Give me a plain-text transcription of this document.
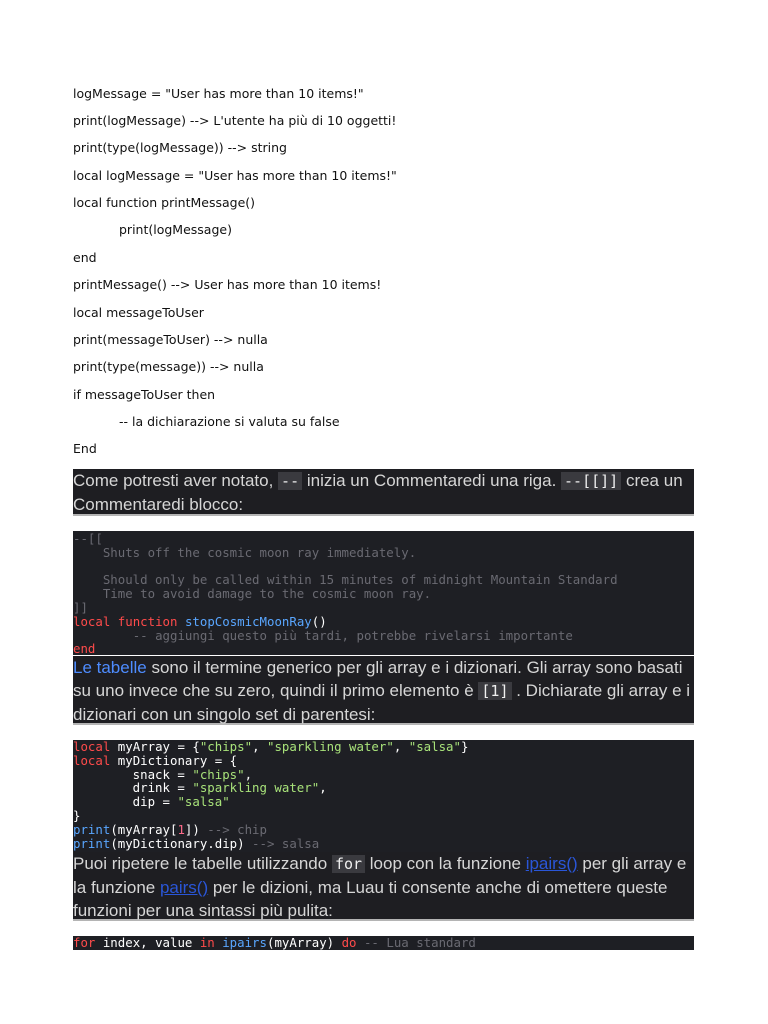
logMessage = "User has more than 10 items!"

print(logMessage) --> L'utente ha più di 10 oggetti!

print(type(logMessage)) --> string

local logMessage = "User has more than 10 items!"

local function printMessage()

print(logMessage)

end

printMessage() --> User has more than 10 items!

local messageToUser

print(messageToUser) --> nulla

print(type(message)) --> nulla

if messageToUser then

-- la dichiarazione si valuta su false

End

Come potresti aver notato, -- inizia un Commentaredi una riga. --[[]] crea un Commentaredi blocco:
--[[
Shuts off the cosmic moon ray immediately.

Should only be called within 15 minutes of midnight Mountain Standard
Time to avoid damage to the cosmic moon ray.
]]
local function stopCosmicMoonRay()
-- aggiungi questo più tardi, potrebbe rivelarsi importante
end
Le tabelle sono il termine generico per gli array e i dizionari. Gli array sono basati su uno invece che su zero, quindi il primo elemento è [1] . Dichiarate gli array e i dizionari con un singolo set di parentesi:
local myArray = {"chips", "sparkling water", "salsa"}
local myDictionary = {
snack = "chips",
drink = "sparkling water",
dip = "salsa"
}
print(myArray[1]) --> chip
print(myDictionary.dip) --> salsa
Puoi ripetere le tabelle utilizzando for loop con la funzione ipairs() per gli array e la funzione pairs() per le dizioni, ma Luau ti consente anche di omettere queste funzioni per una sintassi più pulita:
for index, value in ipairs(myArray) do -- Lua standard
